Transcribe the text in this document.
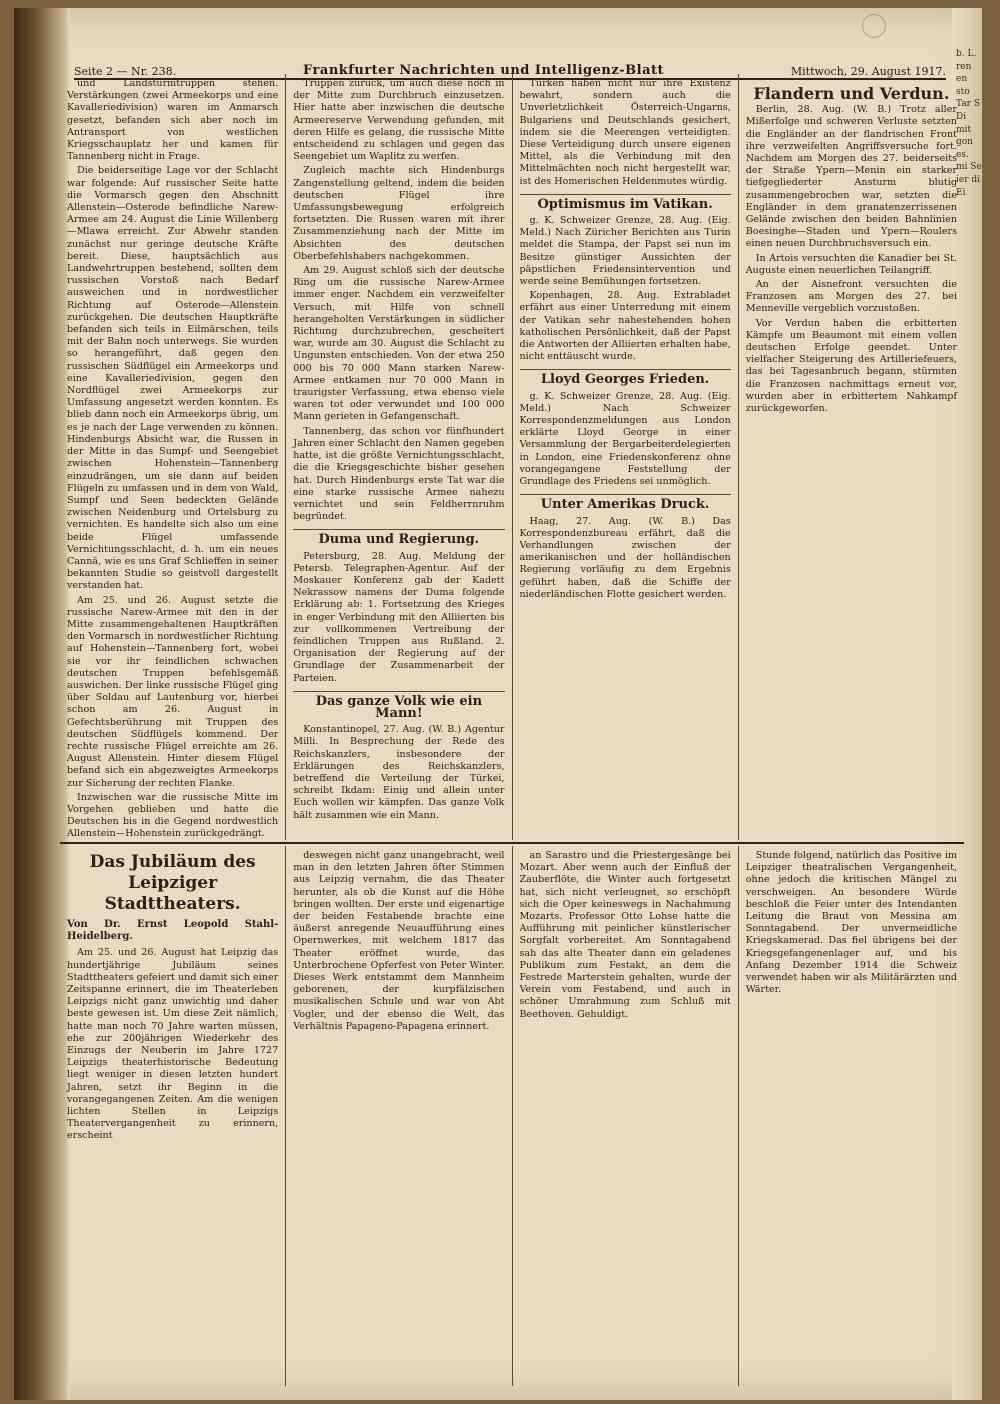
b. L. ren en sto Tar S Di mit gon es. mi Se ier di Ei
Seite 2 — Nr. 238.	Frankfurter Nachrichten und Intelligenz-Blatt	Mittwoch, 29. August 1917.

und Landsturmtruppen stehen. Verstärkungen (zwei Armeekorps und eine Kavalleriedivision) waren im Anmarsch gesetzt, befanden sich aber noch im Antransport von westlichen Kriegsschauplatz her und kamen für Tannenberg nicht in Frage.

Die beiderseitige Lage vor der Schlacht war folgende: Auf russischer Seite hatte die Vormarsch gegen den Abschnitt Allenstein—Osterode befindliche Narew-Armee am 24. August die Linie Willenberg—Mlawa erreicht. Zur Abwehr standen zunächst nur geringe deutsche Kräfte bereit. Diese, hauptsächlich aus Landwehrtruppen bestehend, sollten dem russischen Vorstoß nach Bedarf ausweichen und in nordwestlicher Richtung auf Osterode—Allenstein zurückgehen. Die deutschen Hauptkräfte befanden sich teils in Eilmärschen, teils mit der Bahn noch unterwegs. Sie wurden so herangeführt, daß gegen den russischen Südflügel ein Armeekorps und eine Kavalleriedivision, gegen den Nordflügel zwei Armeekorps zur Umfassung angesetzt werden konnten. Es blieb dann noch ein Armeekorps übrig, um es je nach der Lage verwenden zu können. Hindenburgs Absicht war, die Russen in der Mitte in das Sumpf- und Seengebiet zwischen Hohenstein—Tannenberg einzudrängen, um sie dann auf beiden Flügeln zu umfassen und in dem von Wald, Sumpf und Seen bedeckten Gelände zwischen Neidenburg und Ortelsburg zu vernichten. Es handelte sich also um eine beide Flügel umfassende Vernichtungsschlacht, d. h. um ein neues Cannä, wie es uns Graf Schlieffen in seiner bekannten Studie so geistvoll dargestellt verstanden hat.

Am 25. und 26. August setzte die russische Narew-Armee mit den in der Mitte zusammengehaltenen Hauptkräften den Vormarsch in nordwestlicher Richtung auf Hohenstein—Tannenberg fort, wobei sie vor ihr feindlichen schwachen deutschen Truppen befehlsgemäß auswichen. Der linke russische Flügel ging über Soldau auf Lautenburg vor, hierbei schon am 26. August in Gefechtsberührung mit Truppen des deutschen Südflügels kommend. Der rechte russische Flügel erreichte am 26. August Allenstein. Hinter diesem Flügel befand sich ein abgezweigtes Armeekorps zur Sicherung der rechten Flanke.

Inzwischen war die russische Mitte im Vorgehen geblieben und hatte die Deutschen bis in die Gegend nordwestlich Allenstein—Hohenstein zurückgedrängt.

Truppen zurück, um auch diese noch in der Mitte zum Durchbruch einzusetzen. Hier hatte aber inzwischen die deutsche Armeereserve Verwendung gefunden, mit deren Hilfe es gelang, die russische Mitte entscheidend zu schlagen und gegen das Seengebiet um Waplitz zu werfen.

Zugleich machte sich Hindenburgs Zangenstellung geltend, indem die beiden deutschen Flügel ihre Umfassungsbewegung erfolgreich fortsetzten. Die Russen waren mit ihrer Zusammenziehung nach der Mitte im Absichten des deutschen Oberbefehlshabers nachgekommen.

Am 29. August schloß sich der deutsche Ring um die russische Narew-Armee immer enger. Nachdem ein verzweifelter Versuch, mit Hilfe von schnell herangeholten Verstärkungen in südlicher Richtung durchzubrechen, gescheitert war, wurde am 30. August die Schlacht zu Ungunsten entschieden. Von der etwa 250 000 bis 70 000 Mann starken Narew-Armee entkamen nur 70 000 Mann in traurigster Verfassung, etwa ebenso viele waren tot oder verwundet und 100 000 Mann gerieten in Gefangenschaft.

Tannenberg, das schon vor fünfhundert Jahren einer Schlacht den Namen gegeben hatte, ist die größte Vernichtungsschlacht, die die Kriegsgeschichte bisher gesehen hat. Durch Hindenburgs erste Tat war die eine starke russische Armee nahezu vernichtet und sein Feldherrnruhm begründet.

Duma und Regierung.

Petersburg, 28. Aug. Meldung der Petersb. Telegraphen-Agentur. Auf der Moskauer Konferenz gab der Kadett Nekrassow namens der Duma folgende Erklärung ab: 1. Fortsetzung des Krieges in enger Verbindung mit den Alliierten bis zur vollkommenen Vertreibung der feindlichen Truppen aus Rußland. 2. Organisation der Regierung auf der Grundlage der Zusammenarbeit der Parteien.

Das ganze Volk wie ein Mann!

Konstantinopel, 27. Aug. (W. B.) Agentur Milli. In Besprechung der Rede des Reichskanzlers, insbesondere der Erklärungen des Reichskanzlers, betreffend die Verteilung der Türkei, schreibt Ikdam: Einig und allein unter Euch wollen wir kämpfen. Das ganze Volk hält zusammen wie ein Mann.

Türken haben nicht nur ihre Existenz bewahrt, sondern auch die Unverletzlichkeit Österreich-Ungarns, Bulgariens und Deutschlands gesichert, indem sie die Meerengen verteidigten. Diese Verteidigung durch unsere eigenen Mittel, als die Verbindung mit den Mittelmächten noch nicht hergestellt war, ist des Homerischen Heldenmutes würdig.

Optimismus im Vatikan.

g. K. Schweizer Grenze, 28. Aug. (Eig. Meld.) Nach Züricher Berichten aus Turin meldet die Stampa, der Papst sei nun im Besitze günstiger Aussichten der päpstlichen Friedensintervention und werde seine Bemühungen fortsetzen.

Kopenhagen, 28. Aug. Extrabladet erfährt aus einer Unterredung mit einem der Vatikan sehr nahestehenden hohen katholischen Persönlichkeit, daß der Papst die Antworten der Alliierten erhalten habe, nicht enttäuscht wurde.

Lloyd Georges Frieden.

g. K. Schweizer Grenze, 28. Aug. (Eig. Meld.) Nach Schweizer Korrespondenzmeldungen aus London erklärte Lloyd George in einer Versammlung der Bergarbeiterdelegierten in London, eine Friedenskonferenz ohne vorangegangene Feststellung der Grundlage des Friedens sei unmöglich.

Unter Amerikas Druck.

Haag, 27. Aug. (W. B.) Das Korrespondenzbureau erfährt, daß die Verhandlungen zwischen der amerikanischen und der holländischen Regierung vorläufig zu dem Ergebnis geführt haben, daß die Schiffe der niederländischen Flotte gesichert werden.

Flandern und Verdun.

Berlin, 28. Aug. (W. B.) Trotz aller Mißerfolge und schweren Verluste setzten die Engländer an der flandrischen Front ihre verzweifelten Angriffsversuche fort. Nachdem am Morgen des 27. beiderseits der Straße Ypern—Menin ein starker tiefgegliederter Ansturm blutig zusammengebrochen war, setzten die Engländer in dem granatenzerrissenen Gelände zwischen den beiden Bahnlinien Boesinghe—Staden und Ypern—Roulers einen neuen Durchbruchsversuch ein.

In Artois versuchten die Kanadier bei St. Auguste einen neuerlichen Teilangriff.

An der Aisnefront versuchten die Franzosen am Morgen des 27. bei Menneville vergeblich vorzustoßen.

Vor Verdun haben die erbitterten Kämpfe um Beaumont mit einem vollen deutschen Erfolge geendet. Unter vielfacher Steigerung des Artilleriefeuers, das bei Tagesanbruch begann, stürmten die Franzosen nachmittags erneut vor, wurden aber in erbittertem Nahkampf zurückgeworfen.

Das Jubiläum des Leipziger Stadttheaters.
Von Dr. Ernst Leopold Stahl-Heidelberg.

Am 25. und 26. August hat Leipzig das hundertjährige Jubiläum seines Stadttheaters gefeiert und damit sich einer Zeitspanne erinnert, die im Theaterleben Leipzigs nicht ganz unwichtig und daher beste gewesen ist. Um diese Zeit nämlich, hatte man noch 70 Jahre warten müssen, ehe zur 200jährigen Wiederkehr des Einzugs der Neuberin im Jahre 1727 Leipzigs theaterhistorische Bedeutung liegt weniger in diesen letzten hundert Jahren, setzt ihr Beginn in die vorangegangenen Zeiten. Am die wenigen lichten Stellen in Leipzigs Theatervergangenheit zu erinnern, erscheint

deswegen nicht ganz unangebracht, weil man in den letzten Jahren öfter Stimmen aus Leipzig vernahm, die das Theater herunter, als ob die Kunst auf die Höhe bringen wollten. Der erste und eigenartige der beiden Festabende brachte eine äußerst anregende Neuaufführung eines Opernwerkes, mit welchem 1817 das Theater eröffnet wurde, das Unterbrochene Opferfest von Peter Winter. Dieses Werk entstammt dem Mannheim geborenen, der kurpfälzischen musikalischen Schule und war von Abt Vogler, und der ebenso die Welt, das Verhältnis Papageno-Papagena erinnert.

an Sarastro und die Priestergesänge bei Mozart. Aber wenn auch der Einfluß der Zauberflöte, die Winter auch fortgesetzt hat, sich nicht verleugnet, so erschöpft sich die Oper keineswegs in Nachahmung Mozarts. Professor Otto Lohse hatte die Aufführung mit peinlicher künstlerischer Sorgfalt vorbereitet. Am Sonntagabend sah das alte Theater dann ein geladenes Publikum zum Festakt, an dem die Festrede Marterstein gehalten, wurde der Verein vom Festabend, und auch in schöner Umrahmung zum Schluß mit Beethoven. Gehuldigt.

Stunde folgend, natürlich das Positive im Leipziger theatralischen Vergangenheit, ohne jedoch die kritischen Mängel zu verschweigen. An besondere Würde beschloß die Feier unter des Intendanten Leitung die Braut von Messina am Sonntagabend. Der unvermeidliche Kriegskamerad. Das fiel übrigens bei der Kriegsgefangenenlager auf, und bis Anfang Dezember 1914 die Schweiz verwendet haben wir als Militärärzten und Wärter.
